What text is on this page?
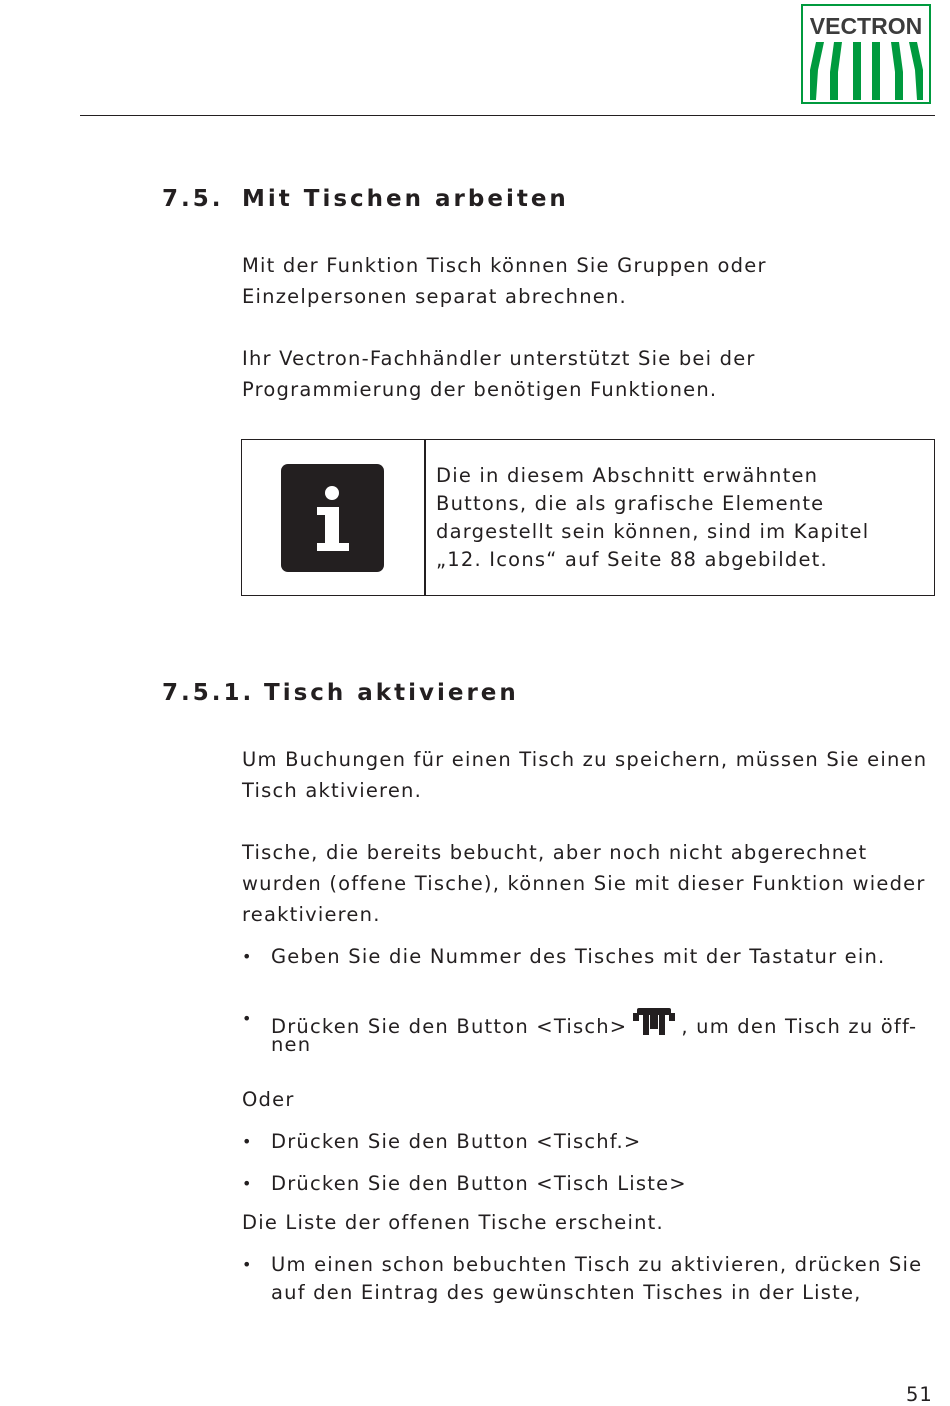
VECTRON
7.5. Mit Tischen arbeiten

Mit der Funktion Tisch können Sie Gruppen oder

Einzelpersonen separat abrechnen.

Ihr Vectron-Fachhändler unterstützt Sie bei der

Programmierung der benötigen Funktionen.

Die in diesem Abschnitt erwähnten
Buttons, die als grafische Elemente
dargestellt sein können, sind im Kapitel
„12. Icons“ auf Seite 88 abgebildet.
7.5.1. Tisch aktivieren

Um Buchungen für einen Tisch zu speichern, müssen Sie einen

Tisch aktivieren.

Tische, die bereits bebucht, aber noch nicht abgerechnet

wurden (offene Tische), können Sie mit dieser Funktion wieder

reaktivieren.

• Geben Sie die Nummer des Tisches mit der Tastatur ein.
• Drücken Sie den Button <Tisch>	, um den Tisch zu öff-
nen

Oder

• Drücken Sie den Button <Tischf.>
• Drücken Sie den Button <Tisch Liste>

Die Liste der offenen Tische erscheint.

• Um einen schon bebuchten Tisch zu aktivieren, drücken Sie
auf den Eintrag des gewünschten Tisches in der Liste,
51
